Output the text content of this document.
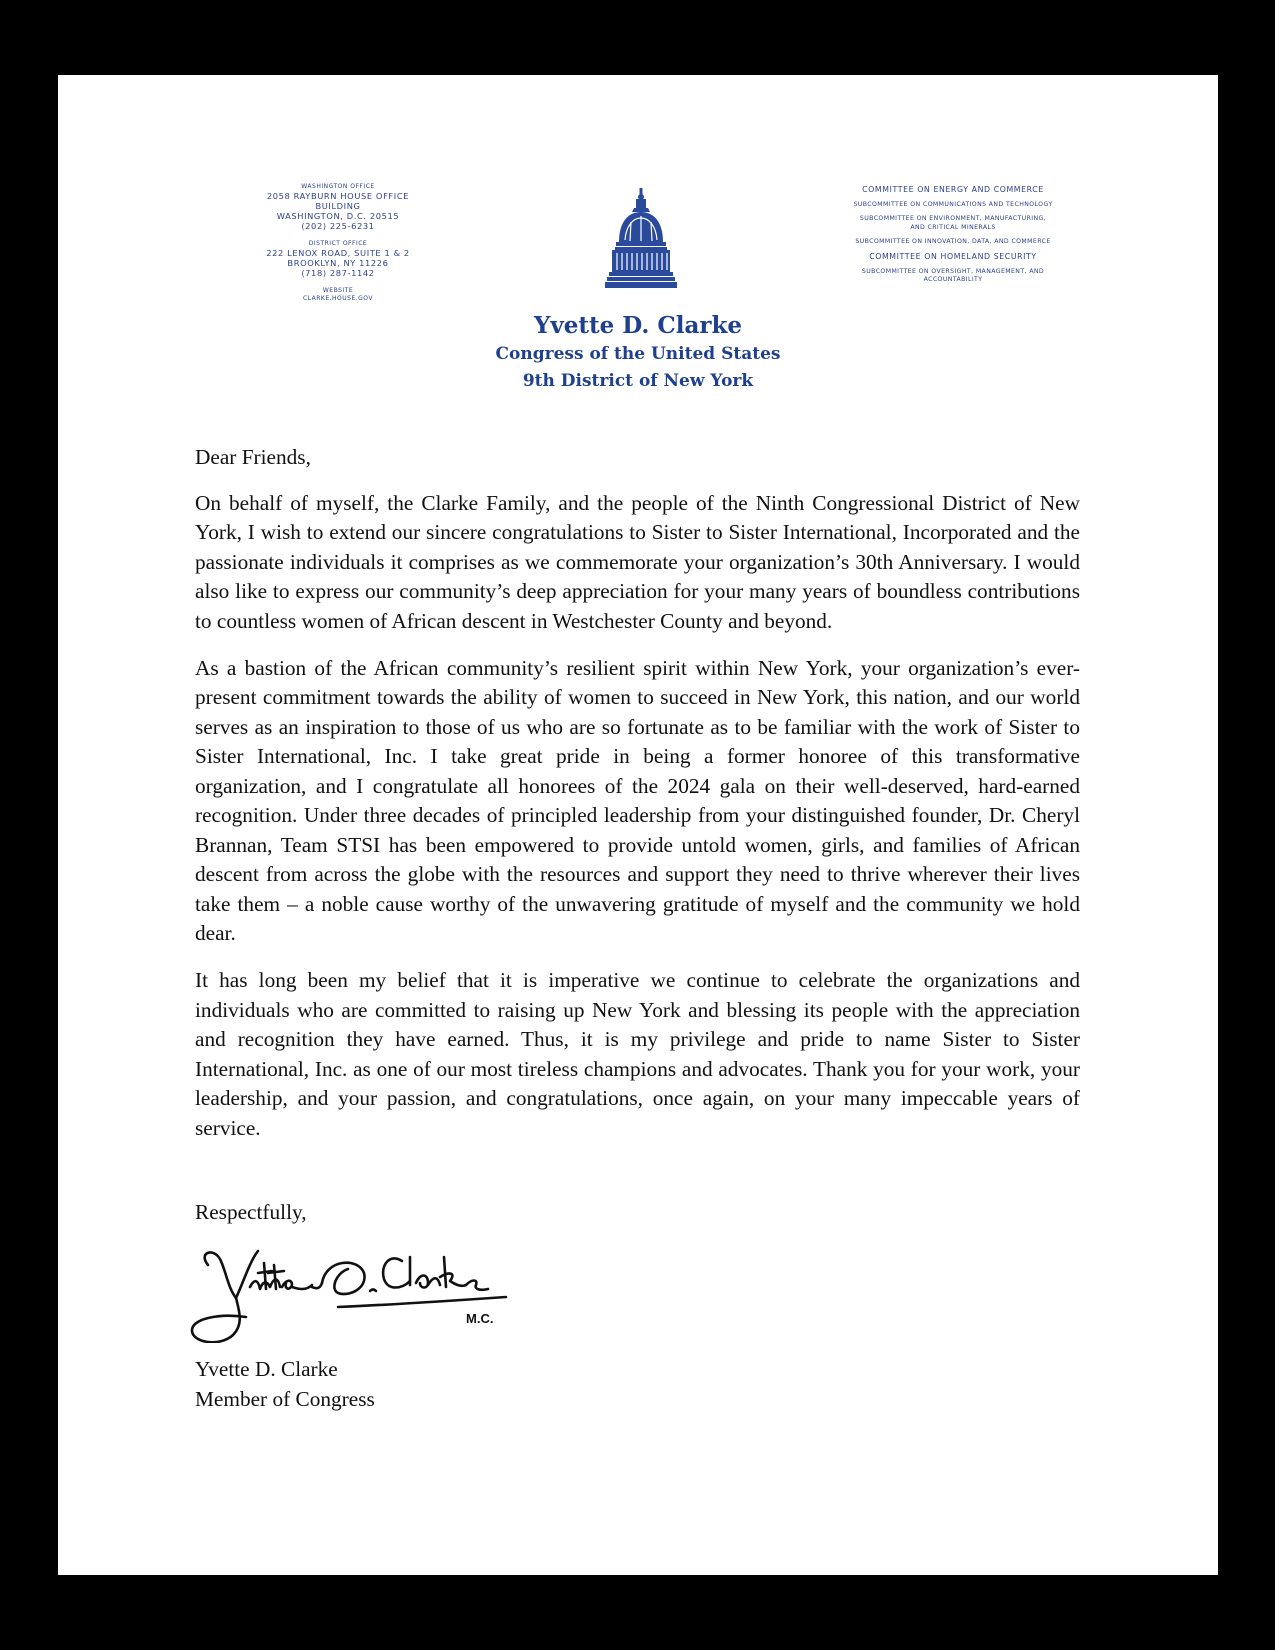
WASHINGTON OFFICE
2058 RAYBURN HOUSE OFFICE BUILDING
WASHINGTON, D.C. 20515
(202) 225-6231
DISTRICT OFFICE
222 LENOX ROAD, SUITE 1 & 2
BROOKLYN, NY 11226
(718) 287-1142
WEBSITE
CLARKE.HOUSE.GOV
Yvette D. Clarke
Congress of the United States
9th District of New York
COMMITTEE ON ENERGY AND COMMERCE
SUBCOMMITTEE ON COMMUNICATIONS AND TECHNOLOGY
SUBCOMMITTEE ON ENVIRONMENT, MANUFACTURING, AND CRITICAL MINERALS
SUBCOMMITTEE ON INNOVATION, DATA, AND COMMERCE
COMMITTEE ON HOMELAND SECURITY
SUBCOMMITTEE ON OVERSIGHT, MANAGEMENT, AND ACCOUNTABILITY

Dear Friends,

On behalf of myself, the Clarke Family, and the people of the Ninth Congressional District of New York, I wish to extend our sincere congratulations to Sister to Sister International, Incorporated and the passionate individuals it comprises as we commemorate your organization’s 30th Anniversary. I would also like to express our community’s deep appreciation for your many years of boundless contributions to countless women of African descent in Westchester County and beyond.

As a bastion of the African community’s resilient spirit within New York, your organization’s ever-present commitment towards the ability of women to succeed in New York, this nation, and our world serves as an inspiration to those of us who are so fortunate as to be familiar with the work of Sister to Sister International, Inc. I take great pride in being a former honoree of this transformative organization, and I congratulate all honorees of the 2024 gala on their well-deserved, hard-earned recognition. Under three decades of principled leadership from your distinguished founder, Dr. Cheryl Brannan, Team STSI has been empowered to provide untold women, girls, and families of African descent from across the globe with the resources and support they need to thrive wherever their lives take them – a noble cause worthy of the unwavering gratitude of myself and the community we hold dear.

It has long been my belief that it is imperative we continue to celebrate the organizations and individuals who are committed to raising up New York and blessing its people with the appreciation and recognition they have earned. Thus, it is my privilege and pride to name Sister to Sister International, Inc. as one of our most tireless champions and advocates. Thank you for your work, your leadership, and your passion, and congratulations, once again, on your many impeccable years of service.

Respectfully,
M.C.
Yvette D. Clarke
Member of Congress
